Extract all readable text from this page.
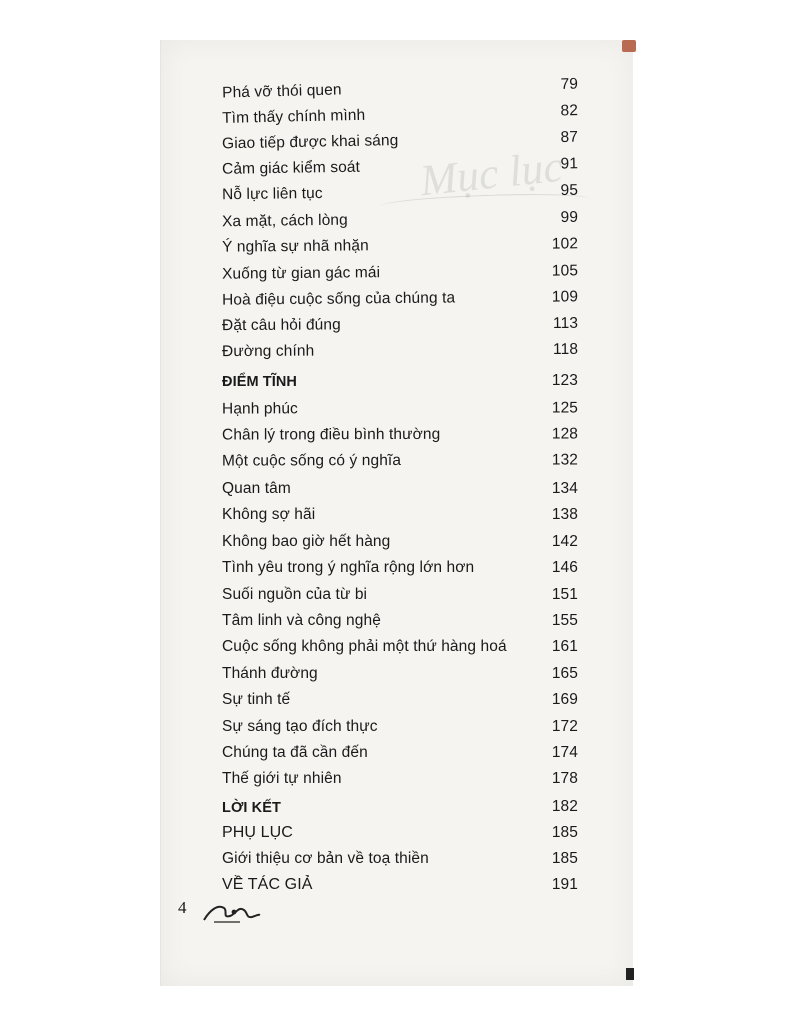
Mục lục
Phá vỡ thói quen	79
Tìm thấy chính mình	82
Giao tiếp được khai sáng	87
Cảm giác kiểm soát	91
Nỗ lực liên tục	95
Xa mặt, cách lòng	99
Ý nghĩa sự nhã nhặn	102
Xuống từ gian gác mái	105
Hoà điệu cuộc sống của chúng ta	109
Đặt câu hỏi đúng	113
Đường chính	118
ĐIỂM TĨNH	123
Hạnh phúc	125
Chân lý trong điều bình thường	128
Một cuộc sống có ý nghĩa	132
Quan tâm	134
Không sợ hãi	138
Không bao giờ hết hàng	142
Tình yêu trong ý nghĩa rộng lớn hơn	146
Suối nguồn của từ bi	151
Tâm linh và công nghệ	155
Cuộc sống không phải một thứ hàng hoá	161
Thánh đường	165
Sự tinh tế	169
Sự sáng tạo đích thực	172
Chúng ta đã cần đến	174
Thế giới tự nhiên	178
LỜI KẾT	182
PHỤ LỤC	185
Giới thiệu cơ bản về toạ thiền	185
VỀ TÁC GIẢ	191
4
